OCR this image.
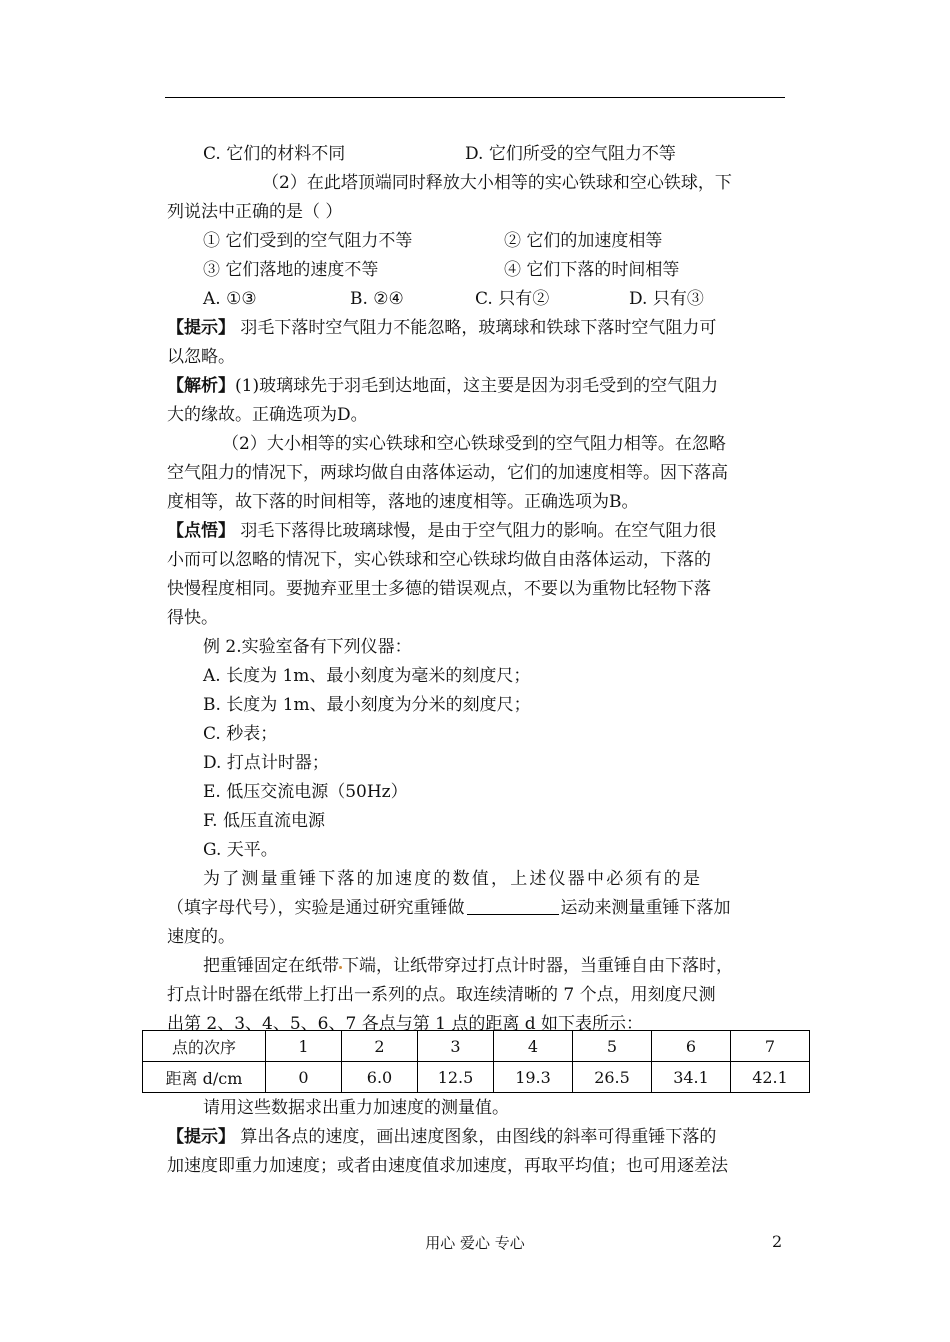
C. 它们的材料不同	D. 它们所受的空气阻力不等
（2）在此塔顶端同时释放大小相等的实心铁球和空心铁球，下
列说法中正确的是（ ）
① 它们受到的空气阻力不等	② 它们的加速度相等
③ 它们落地的速度不等	④ 它们下落的时间相等
A. ①③	B. ②④	C. 只有②	D. 只有③
【提示】 羽毛下落时空气阻力不能忽略，玻璃球和铁球下落时空气阻力可
以忽略。
【解析】(1)玻璃球先于羽毛到达地面，这主要是因为羽毛受到的空气阻力
大的缘故。正确选项为D。
（2）大小相等的实心铁球和空心铁球受到的空气阻力相等。在忽略
空气阻力的情况下，两球均做自由落体运动，它们的加速度相等。因下落高
度相等，故下落的时间相等，落地的速度相等。正确选项为B。
【点悟】 羽毛下落得比玻璃球慢，是由于空气阻力的影响。在空气阻力很
小而可以忽略的情况下，实心铁球和空心铁球均做自由落体运动，下落的
快慢程度相同。要抛弃亚里士多德的错误观点，不要以为重物比轻物下落
得快。
例 2.实验室备有下列仪器：
A. 长度为 1m、最小刻度为毫米的刻度尺；
B. 长度为 1m、最小刻度为分米的刻度尺；
C. 秒表；
D. 打点计时器；
E. 低压交流电源（50Hz）
F. 低压直流电源
G. 天平。
为了测量重锤下落的加速度的数值，上述仪器中必须有的是
（填字母代号），实验是通过研究重锤做	运动来测量重锤下落加
速度的。
把重锤固定在纸带 下端，让纸带穿过打点计时器，当重锤自由下落时，
打点计时器在纸带上打出一系列的点。取连续清晰的 7 个点，用刻度尺测
出第 2、3、4、5、6、7 各点与第 1 点的距离 d 如下表所示：
点的次序	1	2	3	4	5	6	7
距离 d/cm	0	6.0	12.5	19.3	26.5	34.1	42.1
请用这些数据求出重力加速度的测量值。
【提示】 算出各点的速度，画出速度图象，由图线的斜率可得重锤下落的
加速度即重力加速度；或者由速度值求加速度，再取平均值；也可用逐差法
用心 爱心 专心	2
